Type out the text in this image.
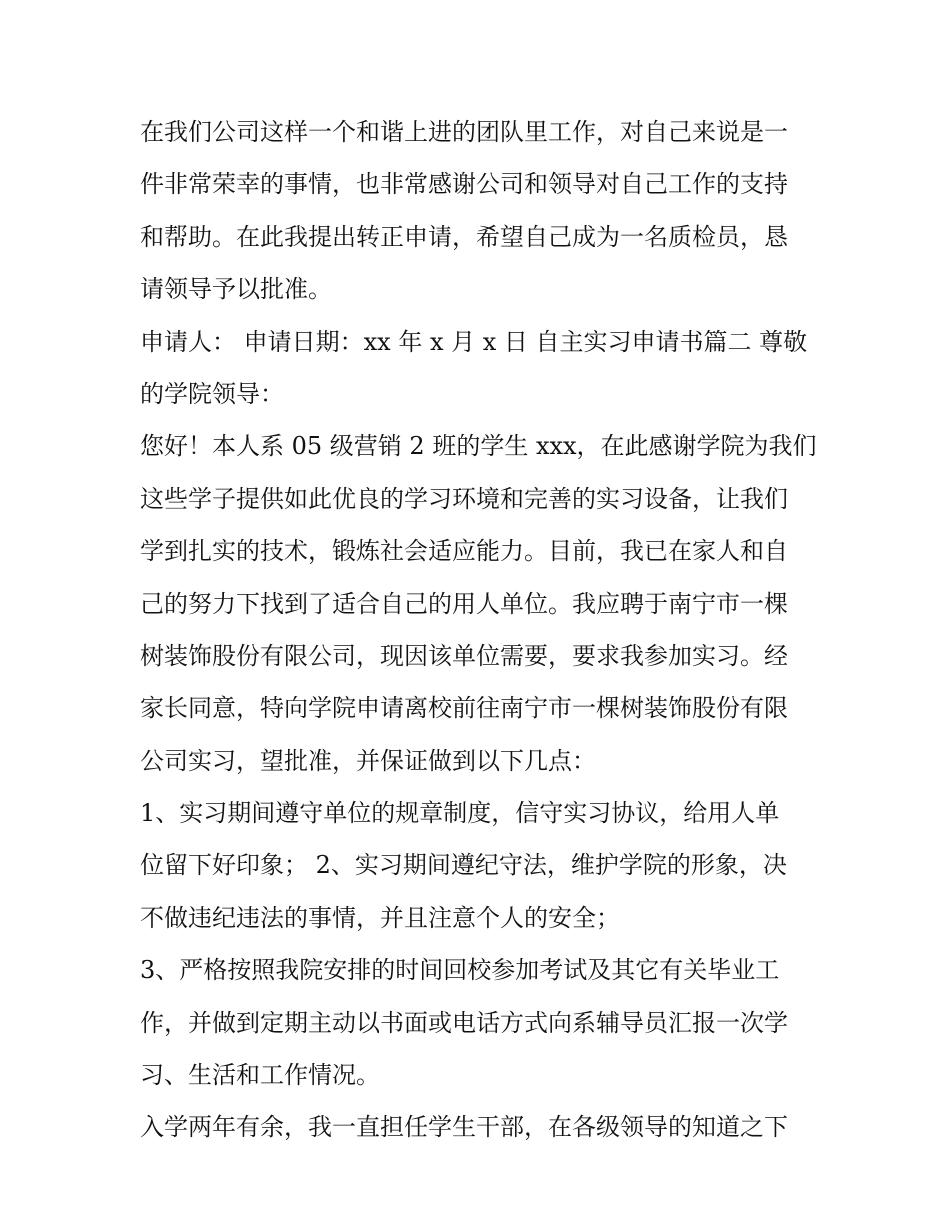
在我们公司这样一个和谐上进的团队里工作，对自己来说是一
件非常荣幸的事情，也非常感谢公司和领导对自己工作的支持
和帮助。在此我提出转正申请，希望自己成为一名质检员，恳
请领导予以批准。
申请人： 申请日期：xx 年 x 月 x 日 自主实习申请书篇二 尊敬
的学院领导：
您好！本人系 05 级营销 2 班的学生 xxx，在此感谢学院为我们
这些学子提供如此优良的学习环境和完善的实习设备，让我们
学到扎实的技术，锻炼社会适应能力。目前，我已在家人和自
己的努力下找到了适合自己的用人单位。我应聘于南宁市一棵
树装饰股份有限公司，现因该单位需要，要求我参加实习。经
家长同意，特向学院申请离校前往南宁市一棵树装饰股份有限
公司实习，望批准，并保证做到以下几点：
1、实习期间遵守单位的规章制度，信守实习协议，给用人单
位留下好印象； 2、实习期间遵纪守法，维护学院的形象，决
不做违纪违法的事情，并且注意个人的安全；
3、严格按照我院安排的时间回校参加考试及其它有关毕业工
作，并做到定期主动以书面或电话方式向系辅导员汇报一次学
习、生活和工作情况。
入学两年有余，我一直担任学生干部，在各级领导的知道之下
